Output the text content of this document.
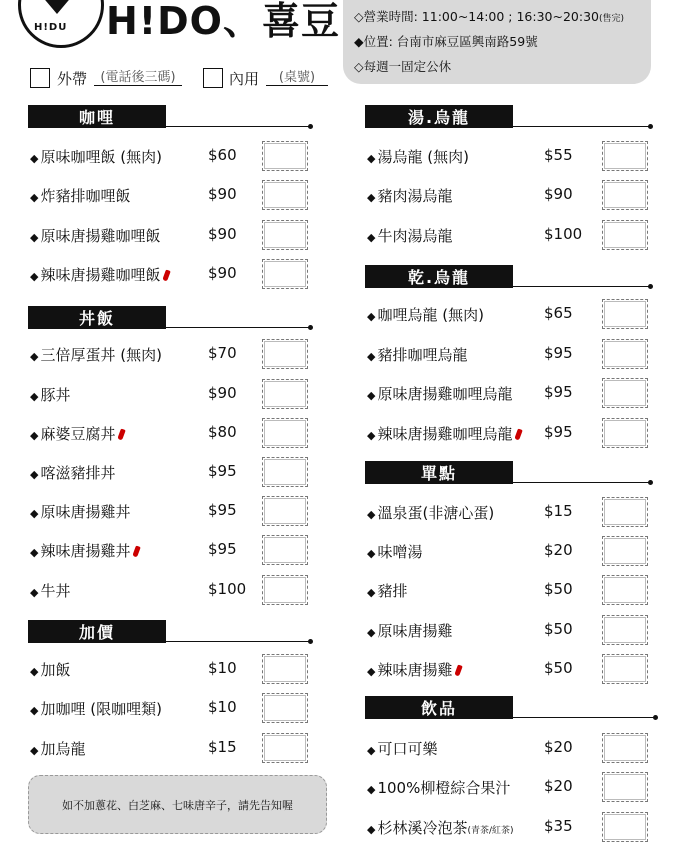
H!DU H!DO、喜豆 ◇營業時間: 11:00~14:00 ; 16:30~20:30(售完)
◆位置: 台南市麻豆區興南路59號
◇每週一固定公休
外帶	(電話後三碼)	內用	(桌號)
如不加蔥花、白芝麻、七味唐辛子，請先告知喔
咖哩
◆ 原味咖哩飯 (無肉)	$60
◆ 炸豬排咖哩飯	$90
◆ 原味唐揚雞咖哩飯	$90
◆ 辣味唐揚雞咖哩飯	$90
丼飯
◆ 三倍厚蛋丼 (無肉)	$70
◆ 豚丼	$90
◆ 麻婆豆腐丼	$80
◆ 喀滋豬排丼	$95
◆ 原味唐揚雞丼	$95
◆ 辣味唐揚雞丼	$95
◆ 牛丼	$100
加價
◆ 加飯	$10
◆ 加咖哩 (限咖哩類)	$10
◆ 加烏龍	$15
湯.烏龍
◆ 湯烏龍 (無肉)	$55
◆ 豬肉湯烏龍	$90
◆ 牛肉湯烏龍	$100
乾.烏龍
◆ 咖哩烏龍 (無肉)	$65
◆ 豬排咖哩烏龍	$95
◆ 原味唐揚雞咖哩烏龍 $95
◆ 辣味唐揚雞咖哩烏龍	$95
單點
◆ 溫泉蛋(非溏心蛋)	$15
◆ 味噌湯	$20
◆ 豬排	$50
◆ 原味唐揚雞	$50
◆ 辣味唐揚雞	$50
飲品
◆ 可口可樂	$20
◆ 100%柳橙綜合果汁 $20
◆ 杉林溪冷泡茶(青茶/紅茶) $35
